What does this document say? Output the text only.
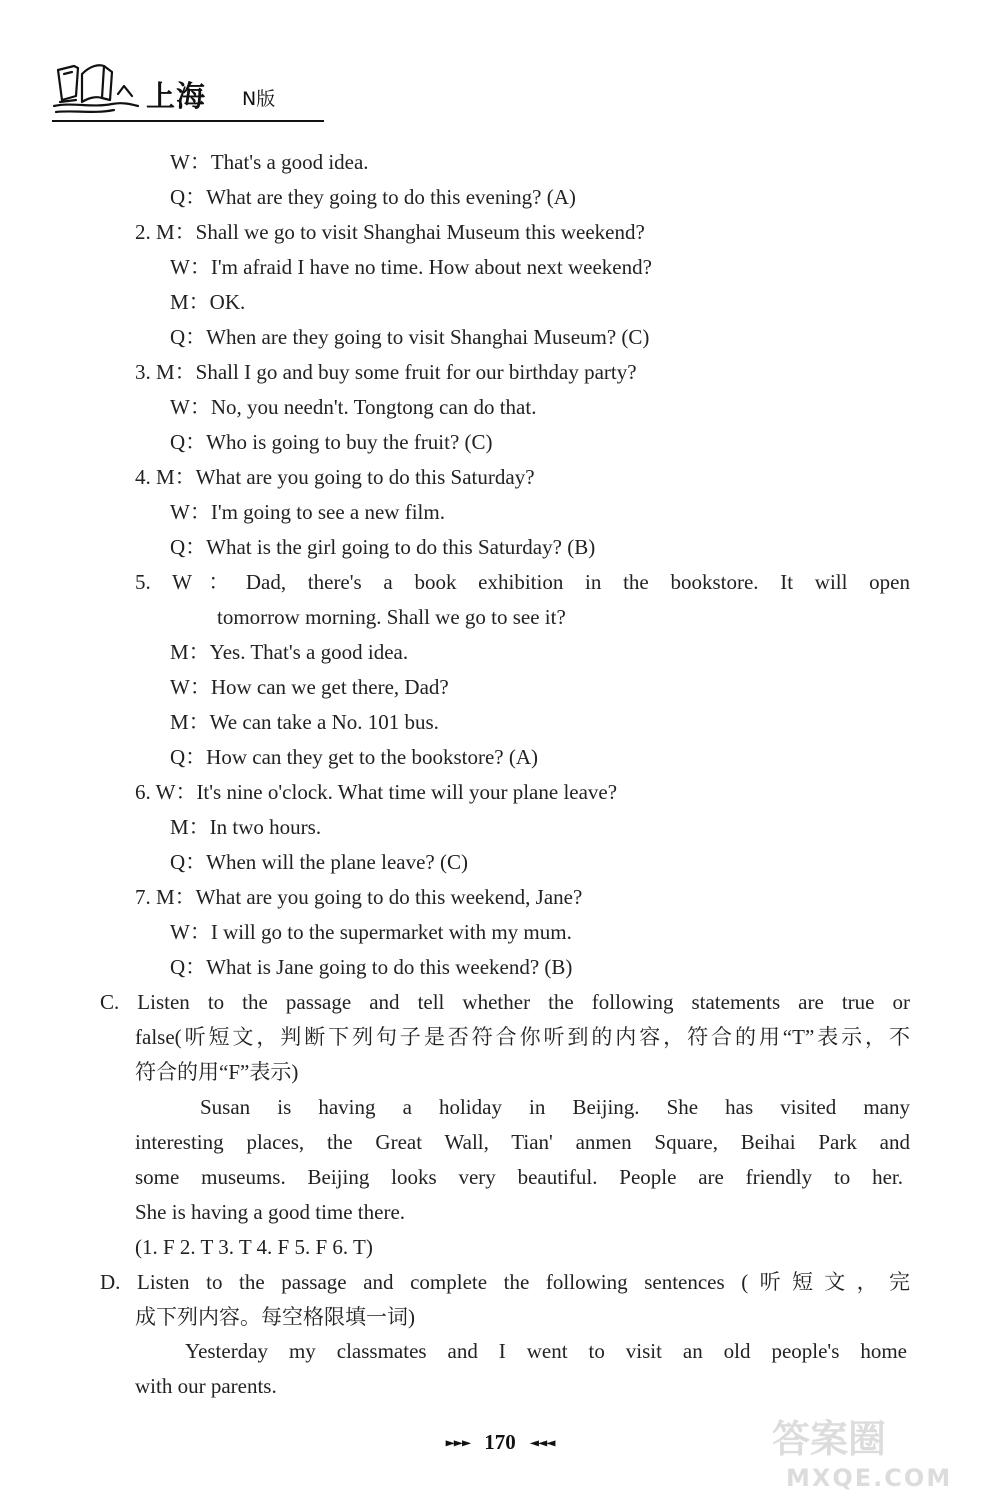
上海 N版
W：That's a good idea.
Q：What are they going to do this evening? (A)
2. M：Shall we go to visit Shanghai Museum this weekend?
W：I'm afraid I have no time. How about next weekend?
M：OK.
Q：When are they going to visit Shanghai Museum? (C)
3. M：Shall I go and buy some fruit for our birthday party?
W：No, you needn't. Tongtong can do that.
Q：Who is going to buy the fruit? (C)
4. M：What are you going to do this Saturday?
W：I'm going to see a new film.
Q：What is the girl going to do this Saturday? (B)
5. W：Dad, there's a book exhibition in the bookstore. It will open
tomorrow morning. Shall we go to see it?
M：Yes. That's a good idea.
W：How can we get there, Dad?
M：We can take a No. 101 bus.
Q：How can they get to the bookstore? (A)
6. W：It's nine o'clock. What time will your plane leave?
M：In two hours.
Q：When will the plane leave? (C)
7. M：What are you going to do this weekend, Jane?
W：I will go to the supermarket with my mum.
Q：What is Jane going to do this weekend? (B)
C. Listen to the passage and tell whether the following statements are true or
false(听短文，判断下列句子是否符合你听到的内容，符合的用“T”表示，不
符合的用“F”表示)
Susan is having a holiday in Beijing. She has visited many
interesting places, the Great Wall, Tian' anmen Square, Beihai Park and
some museums. Beijing looks very beautiful. People are friendly to her.
She is having a good time there.
(1. F 2. T 3. T 4. F 5. F 6. T)
D. Listen to the passage and complete the following sentences (听短文，完
成下列内容。每空格限填一词)
Yesterday my classmates and I went to visit an old people's home
with our parents.
►►► 170 ◄◄◄	答案圈
MXQE.COM
